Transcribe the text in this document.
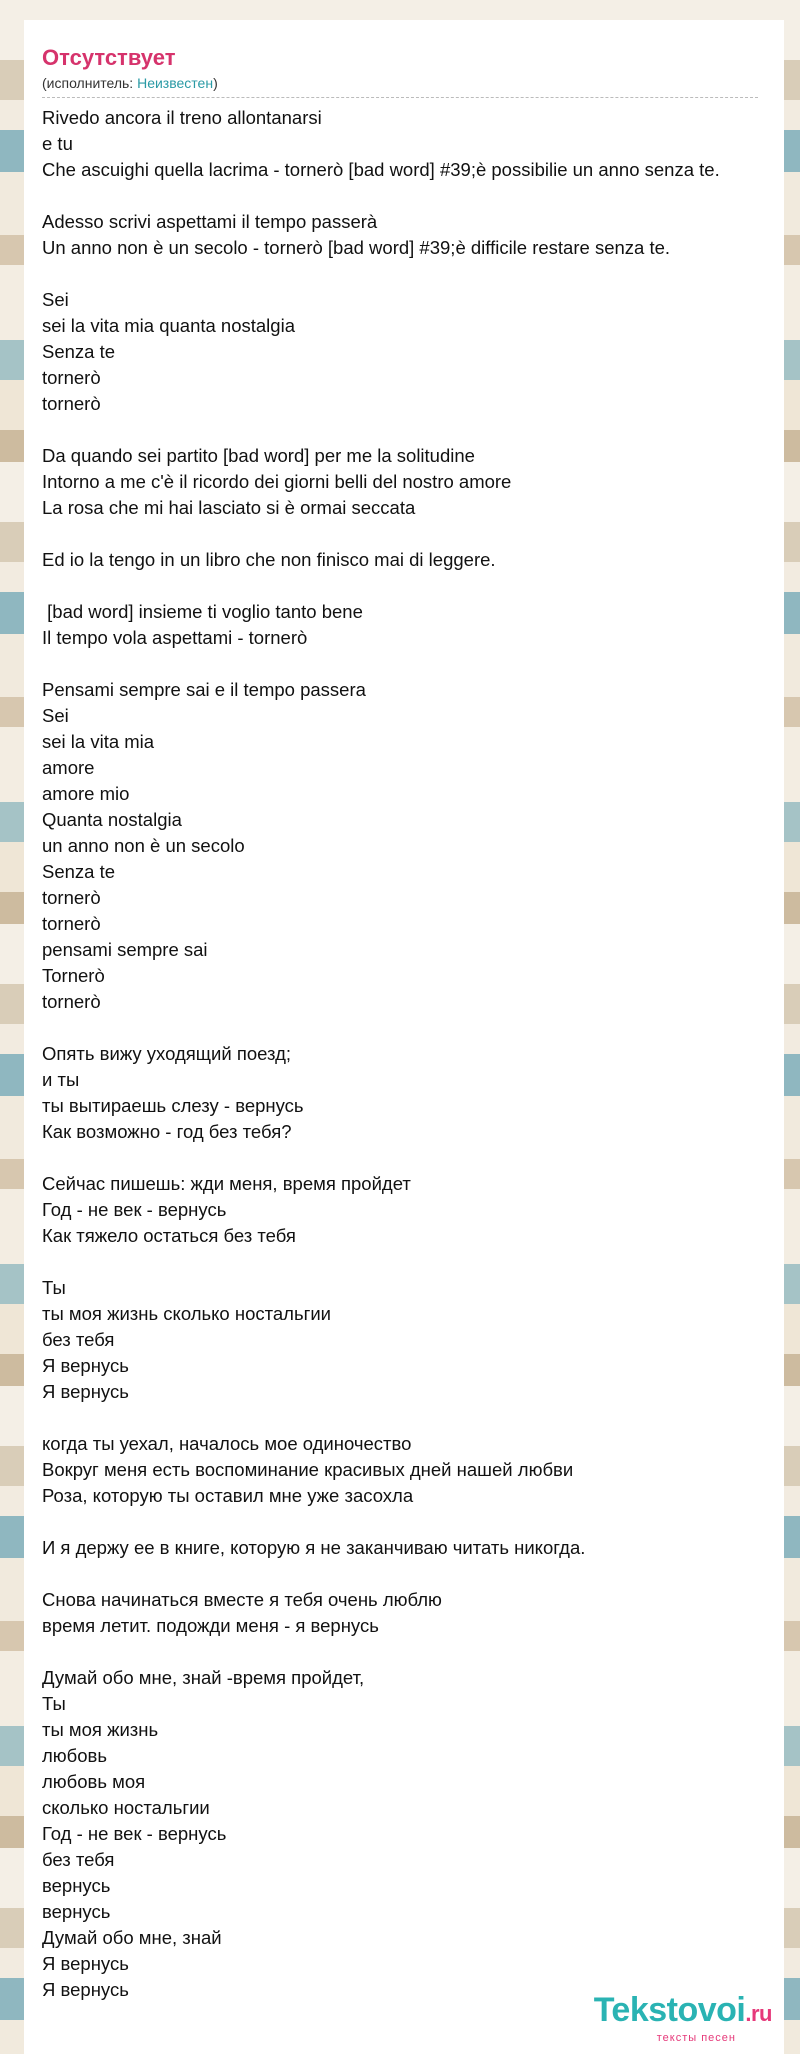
Отсутствует
(исполнитель: Неизвестен)
Rivedo ancora il treno allontanarsi
e tu
Che ascuighi quella lacrima - tornerò [bad word] #39;è possibilie un anno senza te.
Adesso scrivi aspettami il tempo passerà
Un anno non è un secolo - tornerò [bad word] #39;è difficile restare senza te.
Sei
sei la vita mia quanta nostalgia
Senza te
tornerò
tornerò
Da quando sei partito [bad word] per me la solitudine
Intorno a me c'è il ricordo dei giorni belli del nostro amore
La rosa che mi hai lasciato si è ormai seccata
Ed io la tengo in un libro che non finisco mai di leggere.
[bad word] insieme ti voglio tanto bene
Il tempo vola aspettami - tornerò
Pensami sempre sai e il tempo passera
Sei
sei la vita mia
amore
amore mio
Quanta nostalgia
un anno non è un secolo
Senza te
tornerò
tornerò
pensami sempre sai
Tornerò
tornerò
Опять вижу уходящий поезд;
и ты
ты вытираешь слезу - вернусь
Как возможно - год без тебя?
Сейчас пишешь: жди меня, время пройдет
Год - не век - вернусь
Как тяжело остаться без тебя
Ты
ты моя жизнь сколько ностальгии
без тебя
Я вернусь
Я вернусь
когда ты уехал, началось мое одиночество
Вокруг меня есть воспоминание красивых дней нашей любви
Роза, которую ты оставил мне уже засохла
И я держу ее в книге, которую я не заканчиваю читать никогда.
Снова начинаться вместе я тебя очень люблю
время летит. подожди меня - я вернусь
Думай обо мне, знай -время пройдет,
Ты
ты моя жизнь
любовь
любовь моя
сколько ностальгии
Год - не век - вернусь
без тебя
вернусь
вернусь
Думай обо мне, знай
Я вернусь
Я вернусь
Tekstovoi.ru
тексты песен
